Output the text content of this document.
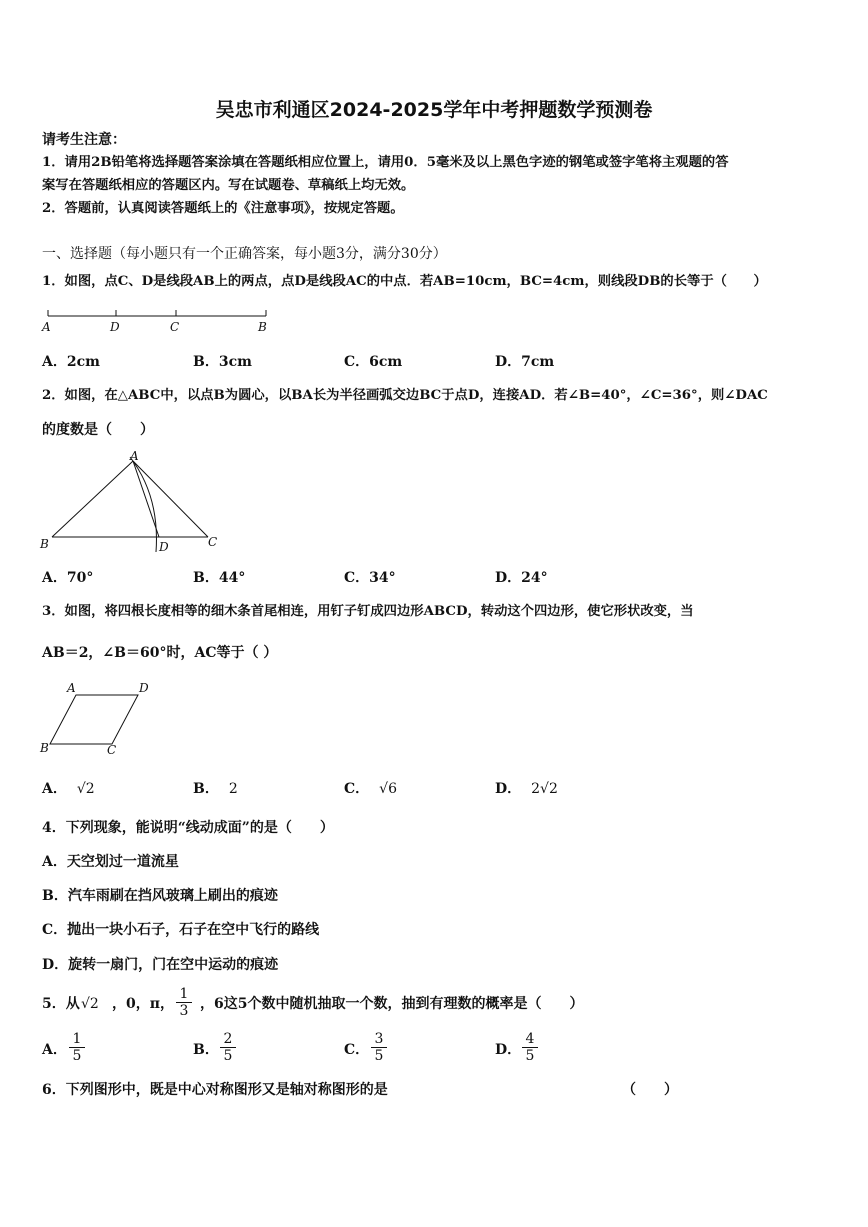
吴忠市利通区2024-2025学年中考押题数学预测卷
请考生注意：
1．请用2B铅笔将选择题答案涂填在答题纸相应位置上，请用0．5毫米及以上黑色字迹的钢笔或签字笔将主观题的答
案写在答题纸相应的答题区内。写在试题卷、草稿纸上均无效。
2．答题前，认真阅读答题纸上的《注意事项》，按规定答题。
一、选择题（每小题只有一个正确答案，每小题3分，满分30分）
1．如图，点C、D是线段AB上的两点，点D是线段AC的中点．若AB=10cm，BC=4cm，则线段DB的长等于（　　）
A	D	C	B
A．2cm	B．3cm	C．6cm	D．7cm
2．如图，在△ABC中，以点B为圆心，以BA长为半径画弧交边BC于点D，连接AD．若∠B=40°，∠C=36°，则∠DAC
的度数是（　　）
A
B	C
D
A．70°	B．44°	C．34°	D．24°
3．如图，将四根长度相等的细木条首尾相连，用钉子钉成四边形ABCD，转动这个四边形，使它形状改变，当
AB＝2，∠B＝60°时，AC等于（ ）
A	D
B	C
A． √2	B． 2	C． √6	D． 2√2
4．下列现象，能说明“线动成面”的是（　　）
A．天空划过一道流星
B．汽车雨刷在挡风玻璃上刷出的痕迹
C．抛出一块小石子，石子在空中飞行的路线
D．旋转一扇门，门在空中运动的痕迹
5．从 √2 ，0，π， $\frac{1}{3}$ ，6这5个数中随机抽取一个数，抽到有理数的概率是（　　）
A． $\frac{1}{5}$	B． $\frac{2}{5}$	C． $\frac{3}{5}$	D． $\frac{4}{5}$
6．下列图形中，既是中心对称图形又是轴对称图形的是	（　　）
